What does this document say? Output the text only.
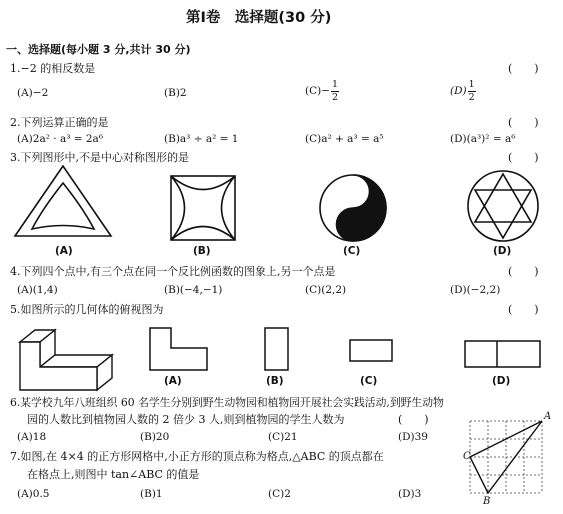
第Ⅰ卷　选择题(30 分)
一、选择题(每小题 3 分,共计 30 分)
1.−2 的相反数是	(　　)
(A)−2	(B)2	$(C)- \frac{1}{2}$	$(D) \frac{1}{2}$
2.下列运算正确的是	(　　)
(A)2a² · a³ = 2a⁶	(B)a³ ÷ a² = 1	(C)a² + a³ = a⁵	(D)(a³)² = a⁶
3.下列图形中,不是中心对称图形的是	(　　)
(A)	(B)	(C)	(D)
4.下列四个点中,有三个点在同一个反比例函数的图象上,另一个点是	(　　)
(A)(1,4)	(B)(−4,−1)	(C)(2,2)	(D)(−2,2)
5.如图所示的几何体的俯视图为	(　　)
(A)	(B)	(C)	(D)
6.某学校九年八班组织 60 名学生分别到野生动物园和植物园开展社会实践活动,到野生动物
园的人数比到植物园人数的 2 倍少 3 人,则到植物园的学生人数为	(　　)
(A)18	(B)20	(C)21	(D)39
7.如图,在 4×4 的正方形网格中,小正方形的顶点称为格点,△ABC 的顶点都在
在格点上,则图中 tan∠ABC 的值是
(A)0.5	(B)1	(C)2	(D)3
A
B
C
